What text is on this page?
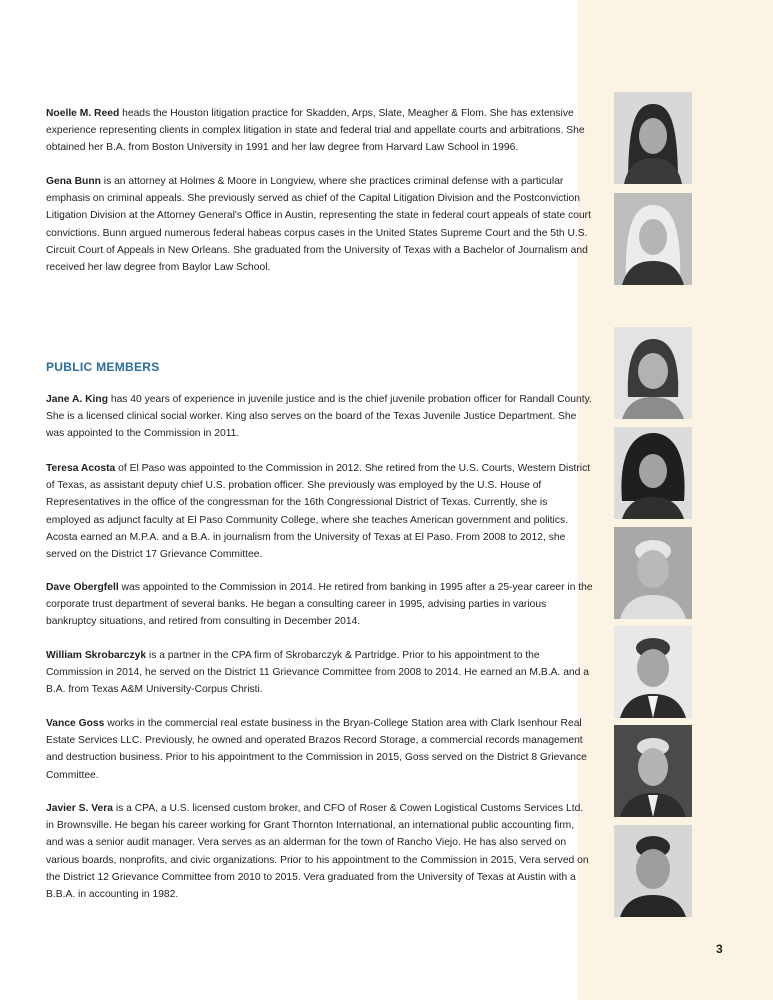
Noelle M. Reed heads the Houston litigation practice for Skadden, Arps, Slate, Meagher & Flom. She has extensive experience representing clients in complex litigation in state and federal trial and appellate courts and arbitrations. She obtained her B.A. from Boston University in 1991 and her law degree from Harvard Law School in 1996.

Gena Bunn is an attorney at Holmes & Moore in Longview, where she practices criminal defense with a particular emphasis on criminal appeals. She previously served as chief of the Capital Litigation Division and the Postconviction Litigation Division at the Attorney General's Office in Austin, representing the state in federal court appeals of state court convictions. Bunn argued numerous federal habeas corpus cases in the United States Supreme Court and the 5th U.S. Circuit Court of Appeals in New Orleans. She graduated from the University of Texas with a Bachelor of Journalism and received her law degree from Baylor Law School.

PUBLIC MEMBERS

Jane A. King has 40 years of experience in juvenile justice and is the chief juvenile probation officer for Randall County. She is a licensed clinical social worker. King also serves on the board of the Texas Juvenile Justice Department. She was appointed to the Commission in 2011.

Teresa Acosta of El Paso was appointed to the Commission in 2012. She retired from the U.S. Courts, Western District of Texas, as assistant deputy chief U.S. probation officer. She previously was employed by the U.S. House of Representatives in the office of the congressman for the 16th Congressional District of Texas. Currently, she is employed as adjunct faculty at El Paso Community College, where she teaches American government and politics. Acosta earned an M.P.A. and a B.A. in journalism from the University of Texas at El Paso. From 2008 to 2012, she served on the District 17 Grievance Committee.

Dave Obergfell was appointed to the Commission in 2014. He retired from banking in 1995 after a 25-year career in the corporate trust department of several banks. He began a consulting career in 1995, advising parties in various bankruptcy situations, and retired from consulting in December 2014.

William Skrobarczyk is a partner in the CPA firm of Skrobarczyk & Partridge. Prior to his appointment to the Commission in 2014, he served on the District 11 Grievance Committee from 2008 to 2014. He earned an M.B.A. and a B.A. from Texas A&M University-Corpus Christi.

Vance Goss works in the commercial real estate business in the Bryan-College Station area with Clark Isenhour Real Estate Services LLC. Previously, he owned and operated Brazos Record Storage, a commercial records management and destruction business. Prior to his appointment to the Commission in 2015, Goss served on the District 8 Grievance Committee.

Javier S. Vera is a CPA, a U.S. licensed custom broker, and CFO of Roser & Cowen Logistical Customs Services Ltd. in Brownsville. He began his career working for Grant Thornton International, an international public accounting firm, and was a senior audit manager. Vera serves as an alderman for the town of Rancho Viejo. He has also served on various boards, nonprofits, and civic organizations. Prior to his appointment to the Commission in 2015, Vera served on the District 12 Grievance Committee from 2010 to 2015. Vera graduated from the University of Texas at Austin with a B.B.A. in accounting in 1982.

3
